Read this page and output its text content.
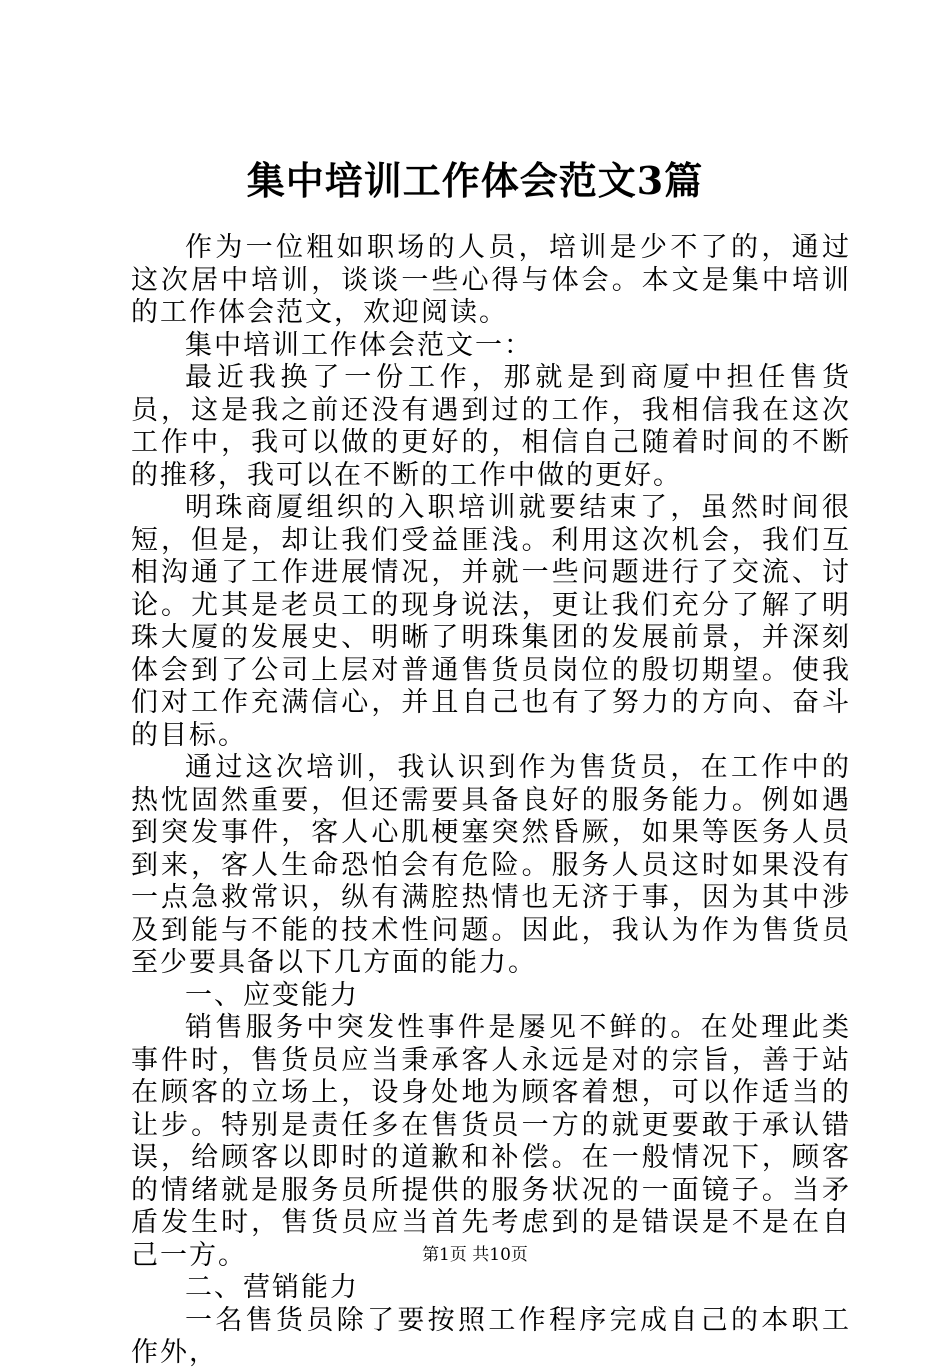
集中培训工作体会范文3篇

作为一位粗如职场的人员，培训是少不了的，通过这次居中培训，谈谈一些心得与体会。本文是集中培训的工作体会范文，欢迎阅读。

集中培训工作体会范文一：

最近我换了一份工作，那就是到商厦中担任售货员，这是我之前还没有遇到过的工作，我相信我在这次工作中，我可以做的更好的，相信自己随着时间的不断的推移，我可以在不断的工作中做的更好。

明珠商厦组织的入职培训就要结束了，虽然时间很短，但是，却让我们受益匪浅。利用这次机会，我们互相沟通了工作进展情况，并就一些问题进行了交流、讨论。尤其是老员工的现身说法，更让我们充分了解了明珠大厦的发展史、明晰了明珠集团的发展前景，并深刻体会到了公司上层对普通售货员岗位的殷切期望。使我们对工作充满信心，并且自己也有了努力的方向、奋斗的目标。

通过这次培训，我认识到作为售货员，在工作中的热忱固然重要，但还需要具备良好的服务能力。例如遇到突发事件，客人心肌梗塞突然昏厥，如果等医务人员到来，客人生命恐怕会有危险。服务人员这时如果没有一点急救常识，纵有满腔热情也无济于事，因为其中涉及到能与不能的技术性问题。因此，我认为作为售货员至少要具备以下几方面的能力。

一、应变能力

销售服务中突发性事件是屡见不鲜的。在处理此类事件时，售货员应当秉承客人永远是对的宗旨，善于站在顾客的立场上，设身处地为顾客着想，可以作适当的让步。特别是责任多在售货员一方的就更要敢于承认错误，给顾客以即时的道歉和补偿。在一般情况下，顾客的情绪就是服务员所提供的服务状况的一面镜子。当矛盾发生时，售货员应当首先考虑到的是错误是不是在自己一方。

二、营销能力

一名售货员除了要按照工作程序完成自己的本职工作外，

第1页 共10页
